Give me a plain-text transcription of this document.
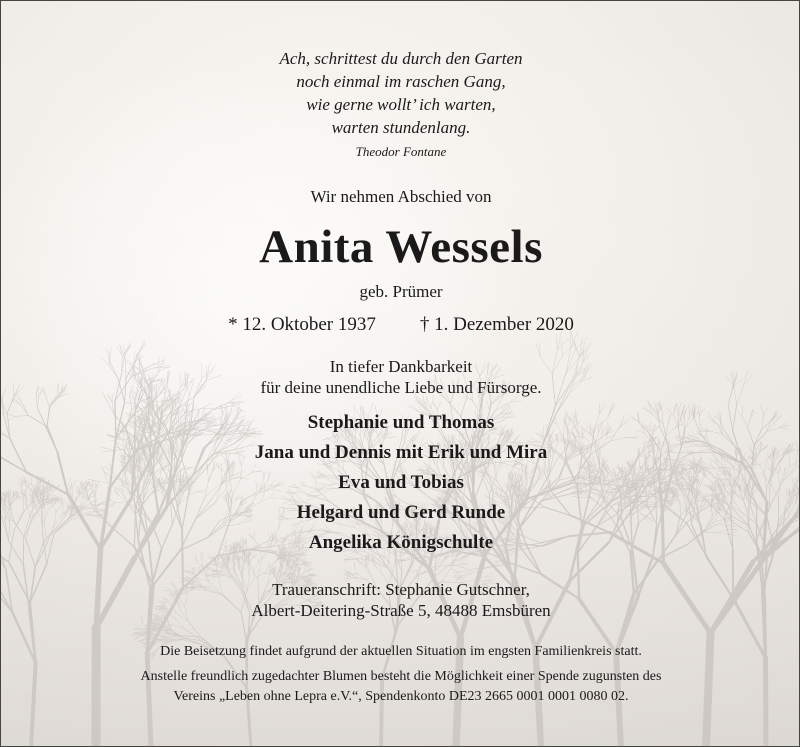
Ach, schrittest du durch den Garten
noch einmal im raschen Gang,
wie gerne wollt’ ich warten,
warten stundenlang.
Theodor Fontane
Wir nehmen Abschied von
Anita Wessels
geb. Prümer
* 12. Oktober 1937 † 1. Dezember 2020
In tiefer Dankbarkeit
für deine unendliche Liebe und Fürsorge.
Stephanie und Thomas
Jana und Dennis mit Erik und Mira
Eva und Tobias
Helgard und Gerd Runde
Angelika Königschulte
Traueranschrift: Stephanie Gutschner,
Albert-Deitering-Straße 5, 48488 Emsbüren
Die Beisetzung findet aufgrund der aktuellen Situation im engsten Familienkreis statt.
Anstelle freundlich zugedachter Blumen besteht die Möglichkeit einer Spende zugunsten des
Vereins „Leben ohne Lepra e.V.“, Spendenkonto DE23 2665 0001 0001 0080 02.
